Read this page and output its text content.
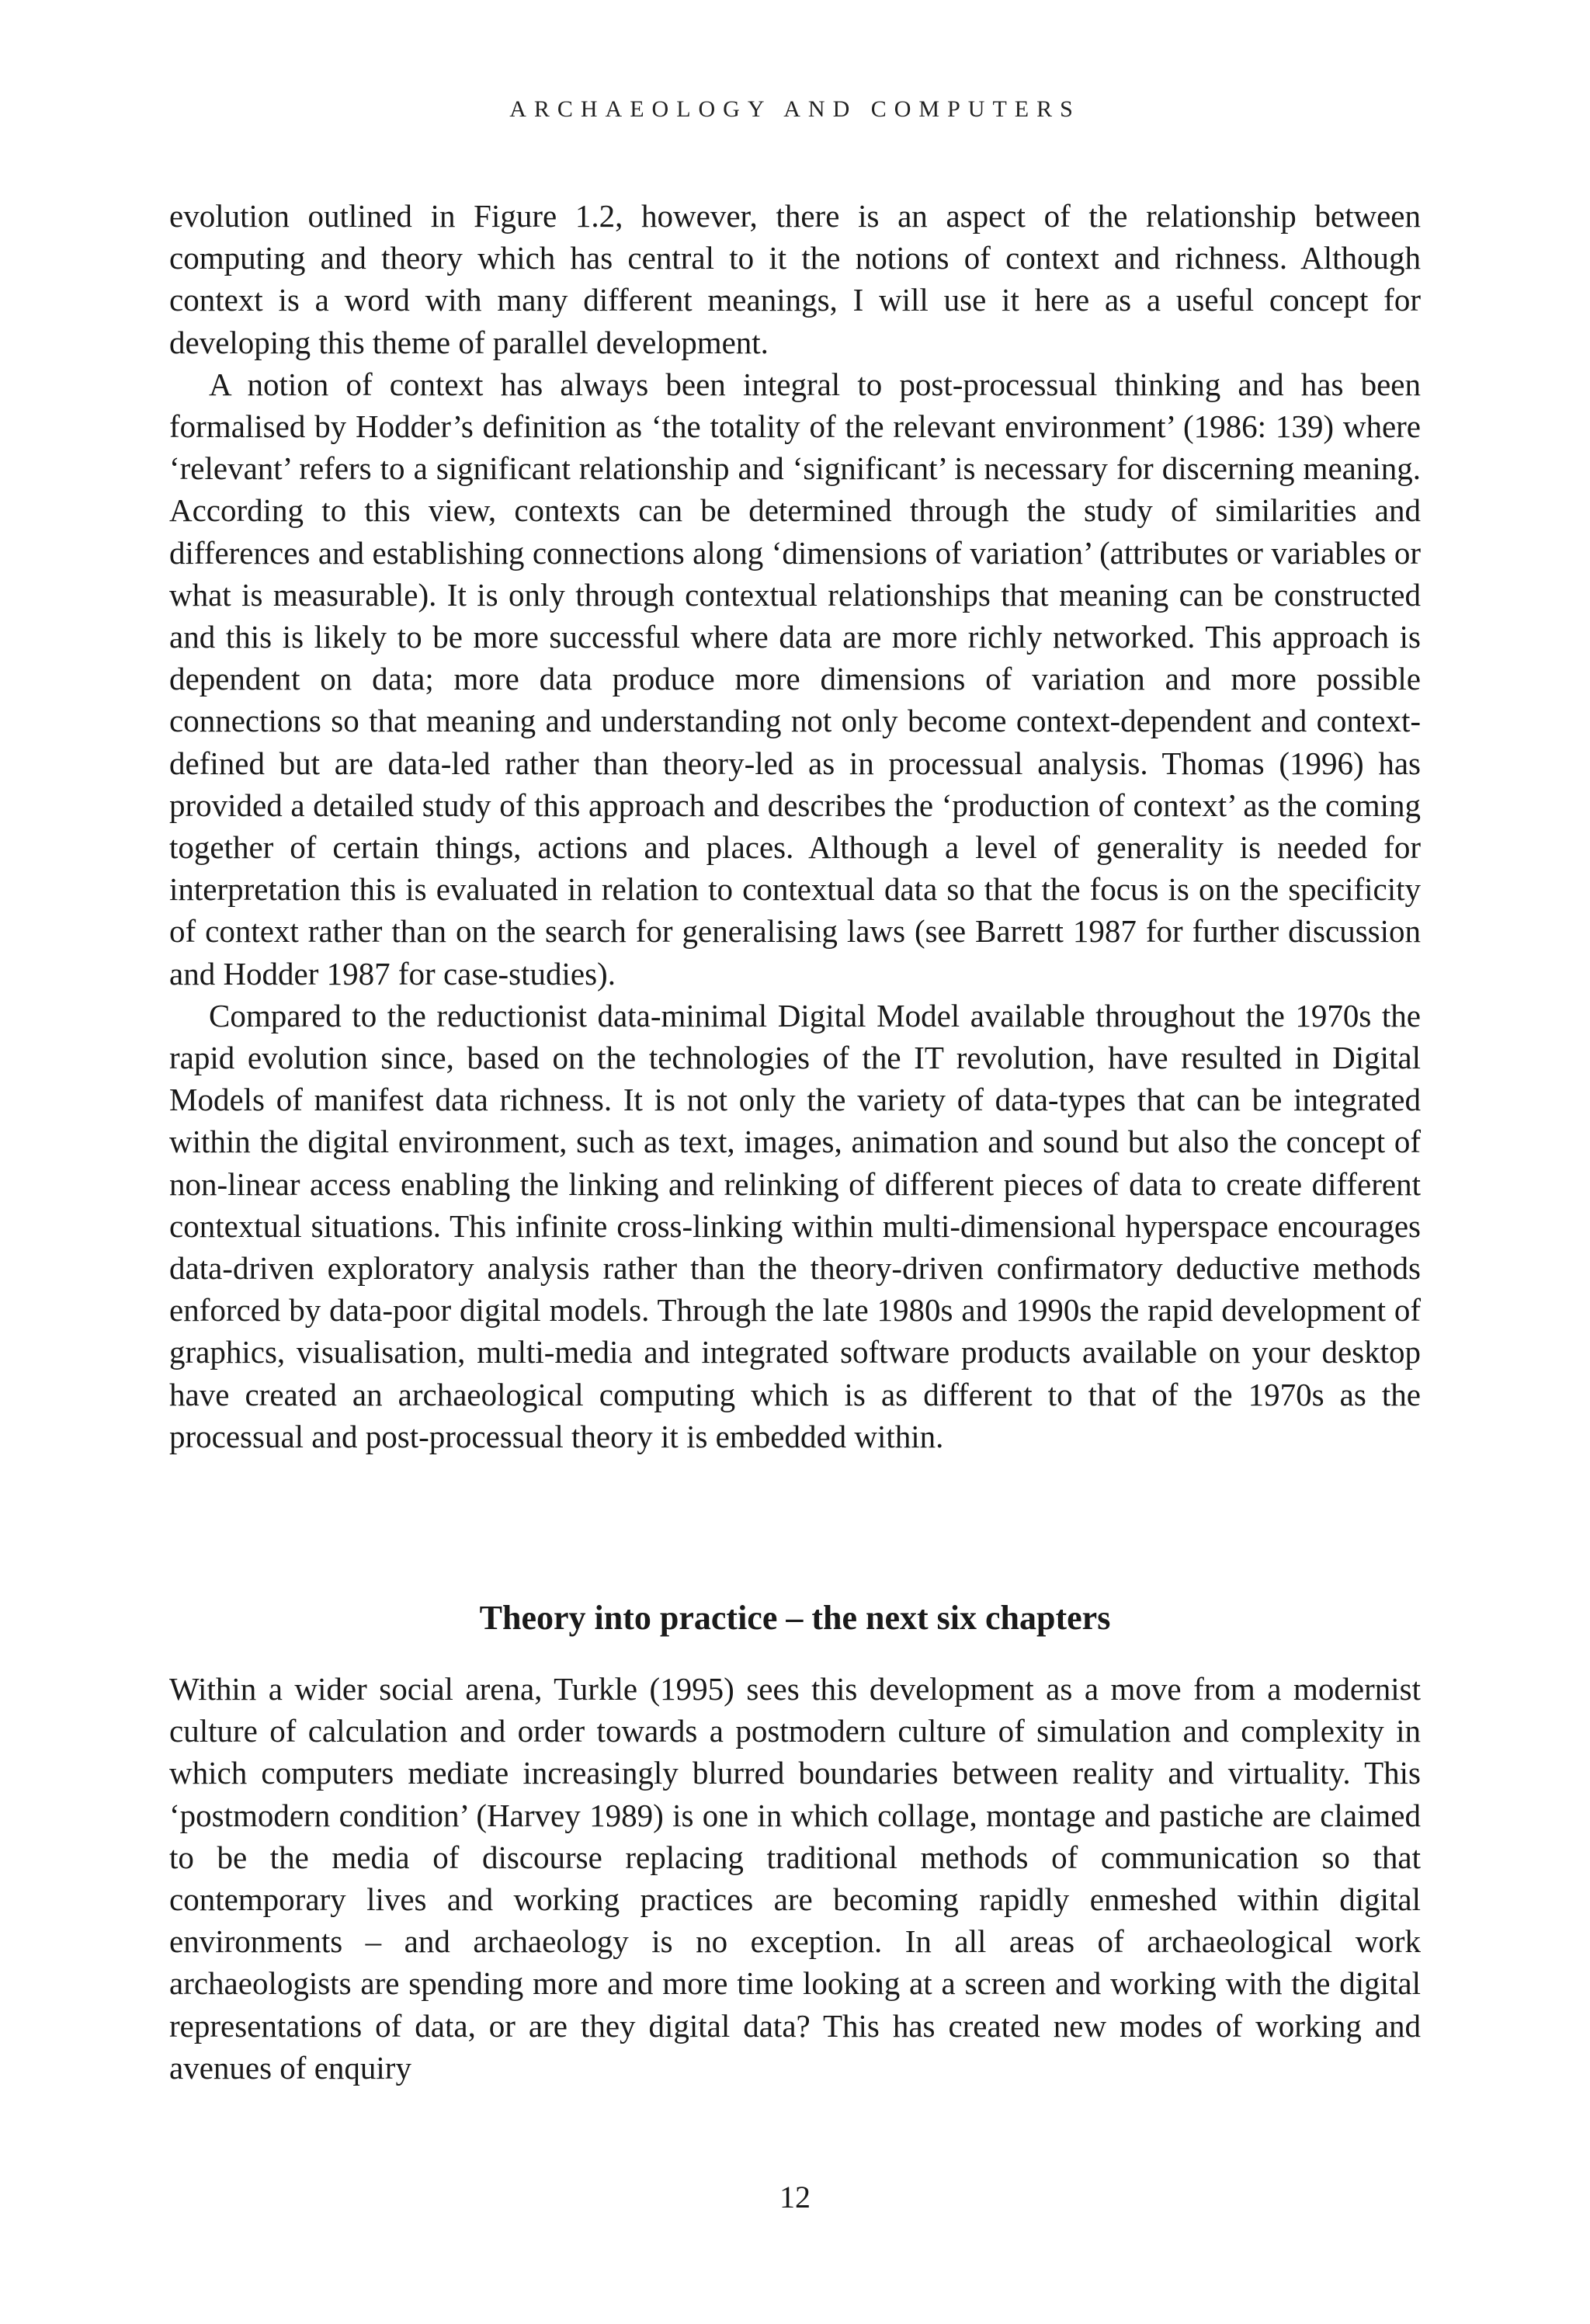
ARCHAEOLOGY AND COMPUTERS

evolution outlined in Figure 1.2, however, there is an aspect of the relationship between computing and theory which has central to it the notions of context and richness. Although context is a word with many different meanings, I will use it here as a useful concept for developing this theme of parallel development.

A notion of context has always been integral to post-processual thinking and has been formalised by Hodder’s definition as ‘the totality of the relevant environment’ (1986: 139) where ‘relevant’ refers to a significant relationship and ‘significant’ is necessary for discerning meaning. According to this view, contexts can be determined through the study of similarities and differences and establishing connections along ‘dimensions of variation’ (attributes or variables or what is measurable). It is only through contextual relationships that meaning can be constructed and this is likely to be more successful where data are more richly networked. This approach is dependent on data; more data produce more dimensions of variation and more possible connections so that meaning and understanding not only become context-dependent and context-defined but are data-led rather than theory-led as in processual analysis. Thomas (1996) has provided a detailed study of this approach and describes the ‘production of context’ as the coming together of certain things, actions and places. Although a level of generality is needed for interpretation this is evaluated in relation to contextual data so that the focus is on the specificity of context rather than on the search for generalising laws (see Barrett 1987 for further discussion and Hodder 1987 for case-studies).

Compared to the reductionist data-minimal Digital Model available throughout the 1970s the rapid evolution since, based on the technologies of the IT revolution, have resulted in Digital Models of manifest data richness. It is not only the variety of data-types that can be integrated within the digital environment, such as text, images, animation and sound but also the concept of non-linear access enabling the linking and relinking of different pieces of data to create different contextual situations. This infinite cross-linking within multi-dimensional hyperspace encourages data-driven exploratory analysis rather than the theory-driven confirmatory deductive methods enforced by data-poor digital models. Through the late 1980s and 1990s the rapid development of graphics, visualisation, multi-media and integrated software products available on your desktop have created an archaeological computing which is as different to that of the 1970s as the processual and post-processual theory it is embedded within.

Theory into practice – the next six chapters

Within a wider social arena, Turkle (1995) sees this development as a move from a modernist culture of calculation and order towards a postmodern culture of simulation and complexity in which computers mediate increasingly blurred boundaries between reality and virtuality. This ‘postmodern condition’ (Harvey 1989) is one in which collage, montage and pastiche are claimed to be the media of discourse replacing traditional methods of communication so that contemporary lives and working practices are becoming rapidly enmeshed within digital environments – and archaeology is no exception. In all areas of archaeological work archaeologists are spending more and more time looking at a screen and working with the digital representations of data, or are they digital data? This has created new modes of working and avenues of enquiry

12
